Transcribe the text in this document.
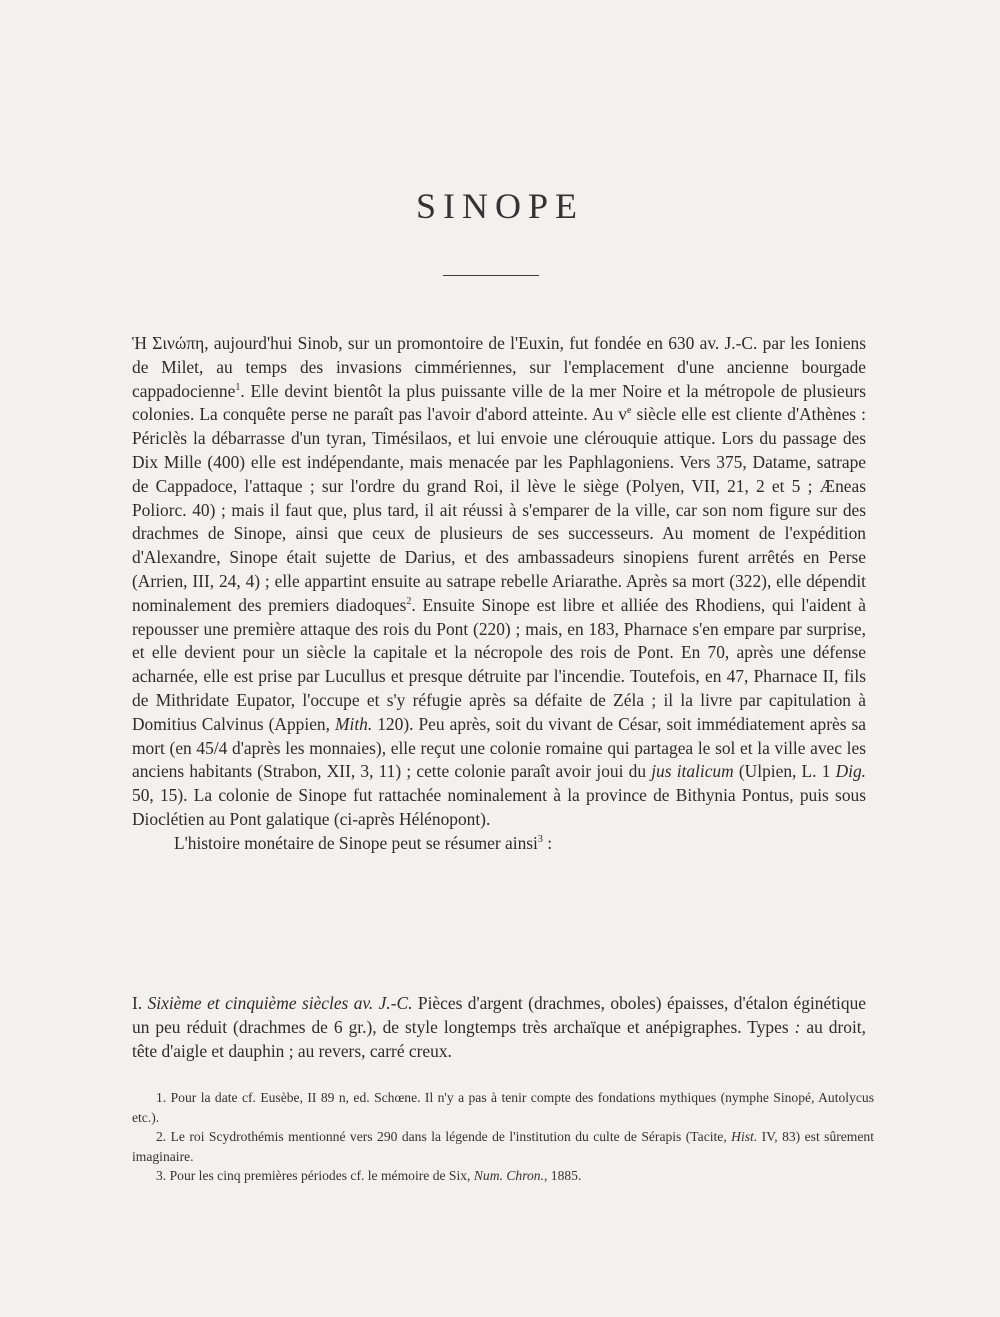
SINOPE

Ἡ Σινώπη, aujourd'hui Sinob, sur un promontoire de l'Euxin, fut fondée en 630 av. J.-C. par les Ioniens de Milet, au temps des invasions cimmériennes, sur l'emplacement d'une ancienne bourgade cappadocienne$^1$. Elle devint bientôt la plus puissante ville de la mer Noire et la métropole de plusieurs colonies. La conquête perse ne paraît pas l'avoir d'abord atteinte. Au $v^e$ siècle elle est cliente d'Athènes : Périclès la débarrasse d'un tyran, Timésilaos, et lui envoie une clérouquie attique. Lors du passage des Dix Mille (400) elle est indépendante, mais menacée par les Paphlagoniens. Vers 375, Datame, satrape de Cappadoce, l'attaque ; sur l'ordre du grand Roi, il lève le siège (Polyen, VII, 21, 2 et 5 ; Æneas Poliorc. 40) ; mais il faut que, plus tard, il ait réussi à s'emparer de la ville, car son nom figure sur des drachmes de Sinope, ainsi que ceux de plusieurs de ses successeurs. Au moment de l'expédition d'Alexandre, Sinope était sujette de Darius, et des ambassadeurs sinopiens furent arrêtés en Perse (Arrien, III, 24, 4) ; elle appartint ensuite au satrape rebelle Ariarathe. Après sa mort (322), elle dépendit nominalement des premiers diadoques$^2$. Ensuite Sinope est libre et alliée des Rhodiens, qui l'aident à repousser une première attaque des rois du Pont (220) ; mais, en 183, Pharnace s'en empare par surprise, et elle devient pour un siècle la capitale et la nécropole des rois de Pont. En 70, après une défense acharnée, elle est prise par Lucullus et presque détruite par l'incendie. Toutefois, en 47, Pharnace II, fils de Mithridate Eupator, l'occupe et s'y réfugie après sa défaite de Zéla ; il la livre par capitulation à Domitius Calvinus (Appien, Mith. 120). Peu après, soit du vivant de César, soit immédiatement après sa mort (en 45/4 d'après les monnaies), elle reçut une colonie romaine qui partagea le sol et la ville avec les anciens habitants (Strabon, XII, 3, 11) ; cette colonie paraît avoir joui du jus italicum (Ulpien, L. 1 Dig. 50, 15). La colonie de Sinope fut rattachée nominalement à la province de Bithynia Pontus, puis sous Dioclétien au Pont galatique (ci-après Hélénopont).

L'histoire monétaire de Sinope peut se résumer ainsi$^3$ :

I. Sixième et cinquième siècles av. J.-C. Pièces d'argent (drachmes, oboles) épaisses, d'étalon éginétique un peu réduit (drachmes de 6 gr.), de style longtemps très archaïque et anépigraphes. Types : au droit, tête d'aigle et dauphin ; au revers, carré creux.

1. Pour la date cf. Eusèbe, II 89 n, ed. Schœne. Il n'y a pas à tenir compte des fondations mythiques (nymphe Sinopé, Autolycus etc.).

2. Le roi Scydrothémis mentionné vers 290 dans la légende de l'institution du culte de Sérapis (Tacite, Hist. IV, 83) est sûrement imaginaire.

3. Pour les cinq premières périodes cf. le mémoire de Six, Num. Chron., 1885.
